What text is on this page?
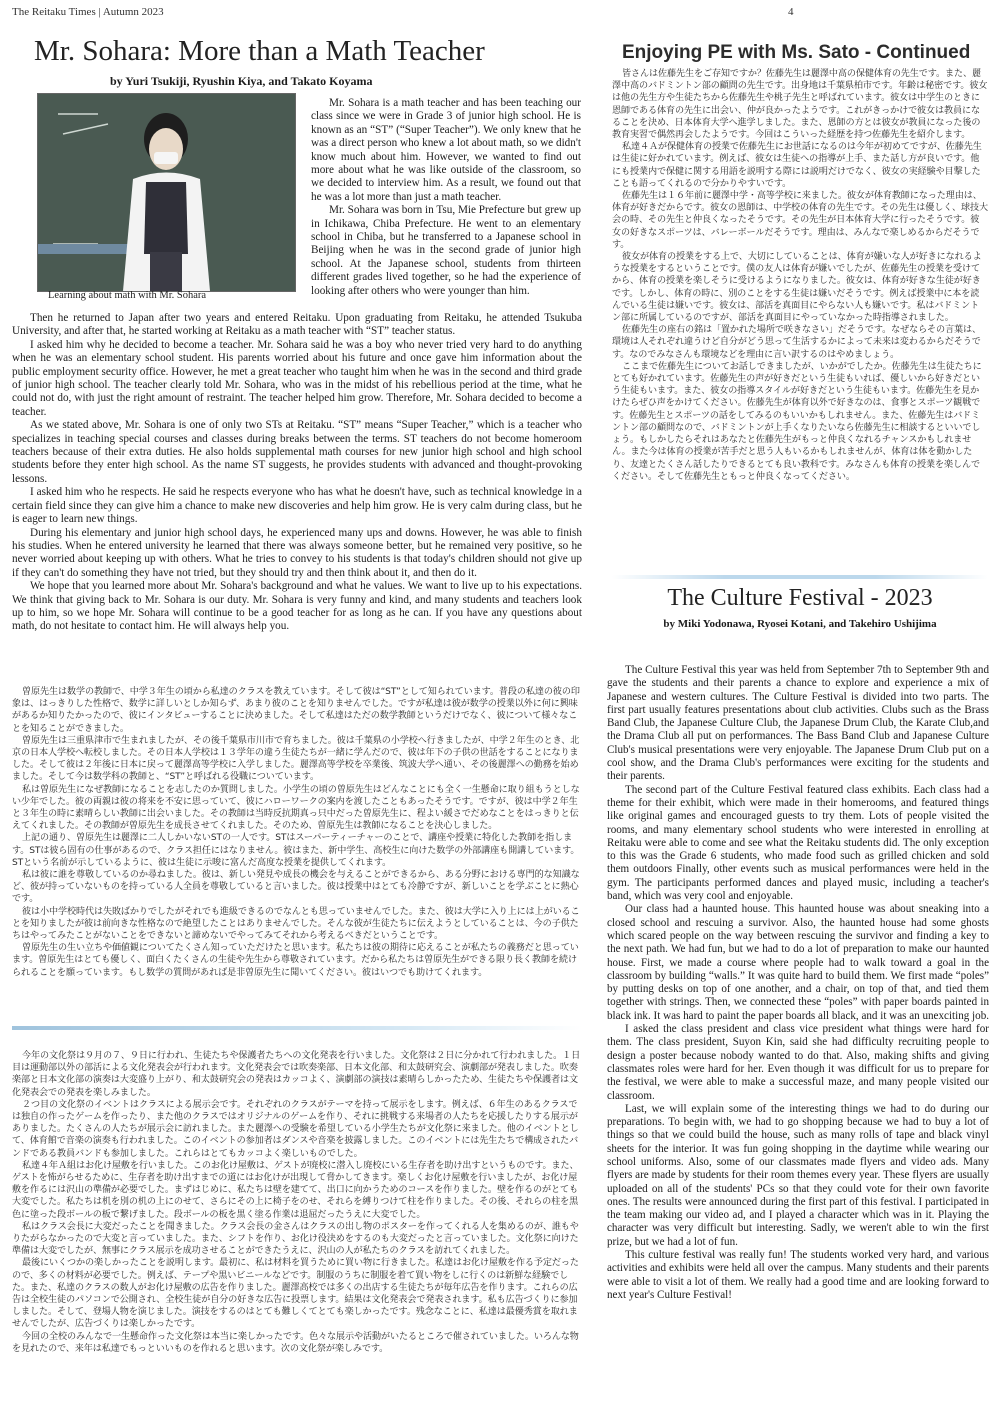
The Reitaku Times | Autumn 2023	4
Mr. Sohara: More than a Math Teacher
by Yuri Tsukiji, Ryushin Kiya, and Takato Koyama
Learning about math with Mr. Sohara

Mr. Sohara is a math teacher and has been teaching our class since we were in Grade 3 of junior high school. He is known as an “ST” (“Super Teacher”). We only knew that he was a direct person who knew a lot about math, so we didn't know much about him. However, we wanted to find out more about what he was like outside of the classroom, so we decided to interview him. As a result, we found out that he was a lot more than just a math teacher.

Mr. Sohara was born in Tsu, Mie Prefecture but grew up in Ichikawa, Chiba Prefecture. He went to an elementary school in Chiba, but he transferred to a Japanese school in Beijing when he was in the second grade of junior high school. At the Japanese school, students from thirteen different grades lived together, so he had the experience of looking after others who were younger than him.

Then he returned to Japan after two years and entered Reitaku. Upon graduating from Reitaku, he attended Tsukuba University, and after that, he started working at Reitaku as a math teacher with “ST” teacher status.

I asked him why he decided to become a teacher. Mr. Sohara said he was a boy who never tried very hard to do anything when he was an elementary school student. His parents worried about his future and once gave him information about the public employment security office. However, he met a great teacher who taught him when he was in the second and third grade of junior high school. The teacher clearly told Mr. Sohara, who was in the midst of his rebellious period at the time, what he could not do, with just the right amount of restraint. The teacher helped him grow. Therefore, Mr. Sohara decided to become a teacher.

As we stated above, Mr. Sohara is one of only two STs at Reitaku. “ST” means “Super Teacher,” which is a teacher who specializes in teaching special courses and classes during breaks between the terms. ST teachers do not become homeroom teachers because of their extra duties. He also holds supplemental math courses for new junior high school and high school students before they enter high school. As the name ST suggests, he provides students with advanced and thought-provoking lessons.

I asked him who he respects. He said he respects everyone who has what he doesn't have, such as technical knowledge in a certain field since they can give him a chance to make new discoveries and help him grow. He is very calm during class, but he is eager to learn new things.

During his elementary and junior high school days, he experienced many ups and downs. However, he was able to finish his studies. When he entered university he learned that there was always someone better, but he remained very positive, so he never worried about keeping up with others. What he tries to convey to his students is that today's children should not give up if they can't do something they have not tried, but they should try and then think about it, and then do it.

We hope that you learned more about Mr. Sohara's background and what he values. We want to live up to his expectations. We think that giving back to Mr. Sohara is our duty. Mr. Sohara is very funny and kind, and many students and teachers look up to him, so we hope Mr. Sohara will continue to be a good teacher for as long as he can. If you have any questions about math, do not hesitate to contact him. He will always help you.

曽原先生は数学の教師で、中学３年生の頃から私達のクラスを教えています。そして彼は“ST”として知られています。普段の私達の彼の印象は、はっきりした性格で、数学に詳しいとしか知らず、あまり彼のことを知りませんでした。ですが私達は彼が数学の授業以外に何に興味があるか知りたかったので、彼にインタビューすることに決めました。そして私達はただの数学教師というだけでなく、彼について様々なことを知ることができました。

曽原先生は三重県津市で生まれましたが、その後千葉県市川市で育ちました。彼は千葉県の小学校へ行きましたが、中学２年生のとき、北京の日本人学校へ転校しました。その日本人学校は１３学年の違う生徒たちが一緒に学んだので、彼は年下の子供の世話をすることになりました。そして彼は２年後に日本に戻って麗澤高等学校に入学しました。麗澤高等学校を卒業後、筑波大学へ通い、その後麗澤への勤務を始めました。そして今は数学科の教師と、“ST”と呼ばれる役職についています。

私は曽原先生になぜ教師になることを志したのか質問しました。小学生の頃の曽原先生はどんなことにも全く一生懸命に取り組もうとしない少年でした。彼の両親は彼の将来を不安に思っていて、彼にハローワークの案内を渡したこともあったそうです。ですが、彼は中学２年生と３年生の時に素晴らしい教師に出会いました。その教師は当時反抗期真っ只中だった曽原先生に、程よい緩さでだめなことをはっきりと伝えてくれました。その教師が曽原先生を成長させてくれました。そのため、曽原先生は教師になることを決心しました。

上記の通り、曽原先生は麗澤に二人しかいないSTの一人です。STはスーパーティーチャーのことで、講座や授業に特化した教師を指します。STは彼ら固有の仕事があるので、クラス担任にはなりません。彼はまた、新中学生、高校生に向けた数学の外部講座も開講しています。STという名前が示しているように、彼は生徒に示唆に富んだ高度な授業を提供してくれます。

私は彼に誰を尊敬しているのか尋ねました。彼は、新しい発見や成長の機会を与えることができるから、ある分野における専門的な知識など、彼が持っていないものを持っている人全員を尊敬していると言いました。彼は授業中はとても冷静ですが、新しいことを学ぶことに熱心です。

彼は小中学校時代は失敗ばかりでしたがそれでも進級できるのでなんとも思っていませんでした。また、彼は大学に入り上には上がいることを知りましたが彼は前向きな性格なので絶望したことはありませんでした。そんな彼が生徒たちに伝えようとしていることは、今の子供たちはやってみたことがないことをできないと諦めないでやってみてそれから考えるべきだということです。

曽原先生の生い立ちや価値観についてたくさん知っていただけたと思います。私たちは彼の期待に応えることが私たちの義務だと思っています。曽原先生はとても優しく、面白くたくさんの生徒や先生から尊敬されています。だから私たちは曽原先生ができる限り長く教師を続けられることを願っています。もし数学の質問があれば是非曽原先生に聞いてください。彼はいつでも助けてくれます。

今年の文化祭は９月の７、９日に行われ、生徒たちや保護者たちへの文化発表を行いました。文化祭は２日に分かれて行われました。１日目は運動部以外の部活による文化発表会が行われます。文化発表会では吹奏楽部、日本文化部、和太鼓研究会、演劇部が発表しました。吹奏楽部と日本文化部の演奏は大変盛り上がり、和太鼓研究会の発表はカッコよく、演劇部の演技は素晴らしかったため、生徒たちや保護者は文化発表会での発表を楽しみました。

２つ目の文化祭のイベントはクラスによる展示会です。それぞれのクラスがテーマを持って展示をします。例えば、６年生のあるクラスでは独自の作ったゲームを作ったり、また他のクラスではオリジナルのゲームを作り、それに挑戦する来場者の人たちを応援したりする展示がありました。たくさんの人たちが展示会に訪れました。また麗澤への受験を希望している小学生たちが文化祭に来ました。他のイベントとして、体育館で音楽の演奏も行われました。このイベントの参加者はダンスや音楽を披露しました。このイベントには先生たちで構成されたバンドである教員バンドも参加しました。これらはとてもカッコよく楽しいものでした。

私達４年Ａ組はお化け屋敷を行いました。このお化け屋敷は、ゲストが廃校に潜入し廃校にいる生存者を助け出すというものです。また、ゲストを怖がらせるために、生存者を助け出すまでの道にはお化けが出現して脅かしてきます。楽しくお化け屋敷を行いましたが、お化け屋敷を作るには沢山の準備が必要でした。まずはじめに、私たちは壁を建てて、出口に向かうためのコースを作りました。壁を作るのがとても大変でした。私たちは机を別の机の上にのせて、さらにその上に椅子をのせ、それらを縛りつけて柱を作りました。その後、それらの柱を黒色に塗った段ボールの板で繋げました。段ボールの板を黒く塗る作業は退屈だったうえに大変でした。

私はクラス会長に大変だったことを聞きました。クラス会長の金さんはクラスの出し物のポスターを作ってくれる人を集めるのが、誰もやりたがらなかったので大変と言っていました。また、シフトを作り、お化け役決めをするのも大変だったと言っていました。文化祭に向けた準備は大変でしたが、無事にクラス展示を成功させることができたうえに、沢山の人が私たちのクラスを訪れてくれました。

最後にいくつかの楽しかったことを説明します。最初に、私は材料を買うために買い物に行きました。私達はお化け屋敷を作る予定だったので、多くの材料が必要でした。例えば、テープや黒いビニールなどです。制服のうちに制服を着て買い物をしに行くのは新鮮な経験でした。また、私達のクラスの数人がお化け屋敷の広告を作りました。麗澤高校では多くの出店する生徒たちが毎年広告を作ります。これらの広告は全校生徒のパソコンで公開され、全校生徒が自分の好きな広告に投票します。結果は文化発表会で発表されます。私も広告づくりに参加しました。そして、登場人物を演じました。演技をするのはとても難しくてとても楽しかったです。残念なことに、私達は最優秀賞を取れませんでしたが、広告づくりは楽しかったです。

今回の全校のみんなで一生懸命作った文化祭は本当に楽しかったです。色々な展示や活動がいたるところで催されていました。いろんな物を見れたので、来年は私達でもっといいものを作れると思います。次の文化祭が楽しみです。

Enjoying PE with Ms. Sato - Continued

皆さんは佐藤先生をご存知ですか？佐藤先生は麗澤中高の保健体育の先生です。また、麗澤中高のバドミントン部の顧問の先生です。出身地は千葉県柏市です。年齢は秘密です。彼女は他の先生方や生徒たちから佐藤先生や桃子先生と呼ばれています。彼女は中学生のときに恩師である体育の先生に出会い、仲が良かったようです。これがきっかけで彼女は教員になることを決め、日本体育大学へ進学しました。また、恩師の方とは彼女が教員になった後の教育実習で偶然再会したようです。今回はこういった経歴を持つ佐藤先生を紹介します。

私達４Ａが保健体育の授業で佐藤先生にお世話になるのは今年が初めてですが、佐藤先生は生徒に好かれています。例えば、彼女は生徒への指導が上手、また話し方が良いです。他にも授業内で保健に関する用語を説明する際には説明だけでなく、彼女の実経験や目撃したことも語ってくれるので分かりやすいです。

佐藤先生は１６年前に麗澤中学・高等学校に来ました。彼女が体育教師になった理由は、体育が好きだからです。彼女の恩師は、中学校の体育の先生です。その先生は優しく、球技大会の時、その先生と仲良くなったそうです。その先生が日本体育大学に行ったそうです。彼女の好きなスポーツは、バレーボールだそうです。理由は、みんなで楽しめるからだそうです。

彼女が体育の授業をする上で、大切にしていることは、体育が嫌いな人が好きになれるような授業をするということです。僕の友人は体育が嫌いでしたが、佐藤先生の授業を受けてから、体育の授業を楽しそうに受けるようになりました。彼女は、体育が好きな生徒が好きです。しかし、体育の時に、別のことをする生徒は嫌いだそうです。例えば授業中に本を読んでいる生徒は嫌いです。彼女は、部活を真面目にやらない人も嫌いです。私はバドミントン部に所属しているのですが、部活を真面目にやっていなかった時指導されました。

佐藤先生の座右の銘は「置かれた場所で咲きなさい」だそうです。なぜならその言葉は、環境は人それぞれ違うけど自分がどう思って生活するかによって未来は変わるからだそうです。なのでみなさんも環境などを理由に言い訳するのはやめましょう。

ここまで佐藤先生についてお話しできましたが、いかがでしたか。佐藤先生は生徒たちにとても好かれています。佐藤先生の声が好きだという生徒もいれば、優しいから好きだという生徒もいます。また、彼女の指導スタイルが好きだという生徒もいます。佐藤先生を見かけたらぜひ声をかけてください。佐藤先生が体育以外で好きなのは、食事とスポーツ観戦です。佐藤先生とスポーツの話をしてみるのもいいかもしれません。また、佐藤先生はバドミントン部の顧問なので、バドミントンが上手くなりたいなら佐藤先生に相談するといいでしょう。もしかしたらそれはあなたと佐藤先生がもっと仲良くなれるチャンスかもしれません。また今は体育の授業が苦手だと思う人もいるかもしれませんが、体育は体を動かしたり、友達とたくさん話したりできるとても良い教科です。みなさんも体育の授業を楽しんでください。そして佐藤先生ともっと仲良くなってください。

The Culture Festival - 2023
by Miki Yodonawa, Ryosei Kotani, and Takehiro Ushijima

The Culture Festival this year was held from September 7th to September 9th and gave the students and their parents a chance to explore and experience a mix of Japanese and western cultures. The Culture Festival is divided into two parts. The first part usually features presentations about club activities. Clubs such as the Brass Band Club, the Japanese Culture Club, the Japanese Drum Club, the Karate Club,and the Drama Club all put on performances. The Bass Band Club and Japanese Culture Club's musical presentations were very enjoyable. The Japanese Drum Club put on a cool show, and the Drama Club's performances were exciting for the students and their parents.

The second part of the Culture Festival featured class exhibits. Each class had a theme for their exhibit, which were made in their homerooms, and featured things like original games and encouraged guests to try them. Lots of people visited the rooms, and many elementary school students who were interested in enrolling at Reitaku were able to come and see what the Reitaku students did. The only exception to this was the Grade 6 students, who made food such as grilled chicken and sold them outdoors Finally, other events such as musical performances were held in the gym. The participants performed dances and played music, including a teacher's band, which was very cool and enjoyable.

Our class had a haunted house. This haunted house was about sneaking into a closed school and rescuing a survivor. Also, the haunted house had some ghosts which scared people on the way between rescuing the survivor and finding a key to the next path. We had fun, but we had to do a lot of preparation to make our haunted house. First, we made a course where people had to walk toward a goal in the classroom by building “walls.” It was quite hard to build them. We first made “poles” by putting desks on top of one another, and a chair, on top of that, and tied them together with strings. Then, we connected these “poles” with paper boards painted in black ink. It was hard to paint the paper boards all black, and it was an unexciting job.

I asked the class president and class vice president what things were hard for them. The class president, Suyon Kin, said she had difficulty recruiting people to design a poster because nobody wanted to do that. Also, making shifts and giving classmates roles were hard for her. Even though it was difficult for us to prepare for the festival, we were able to make a successful maze, and many people visited our classroom.

Last, we will explain some of the interesting things we had to do during our preparations. To begin with, we had to go shopping because we had to buy a lot of things so that we could build the house, such as many rolls of tape and black vinyl sheets for the interior. It was fun going shopping in the daytime while wearing our school uniforms. Also, some of our classmates made flyers and video ads. Many flyers are made by students for their room themes every year. These flyers are usually uploaded on all of the students' PCs so that they could vote for their own favorite ones. The results were announced during the first part of this festival. I participated in the team making our video ad, and I played a character which was in it. Playing the character was very difficult but interesting. Sadly, we weren't able to win the first prize, but we had a lot of fun.

This culture festival was really fun! The students worked very hard, and various activities and exhibits were held all over the campus. Many students and their parents were able to visit a lot of them. We really had a good time and are looking forward to next year's Culture Festival!
